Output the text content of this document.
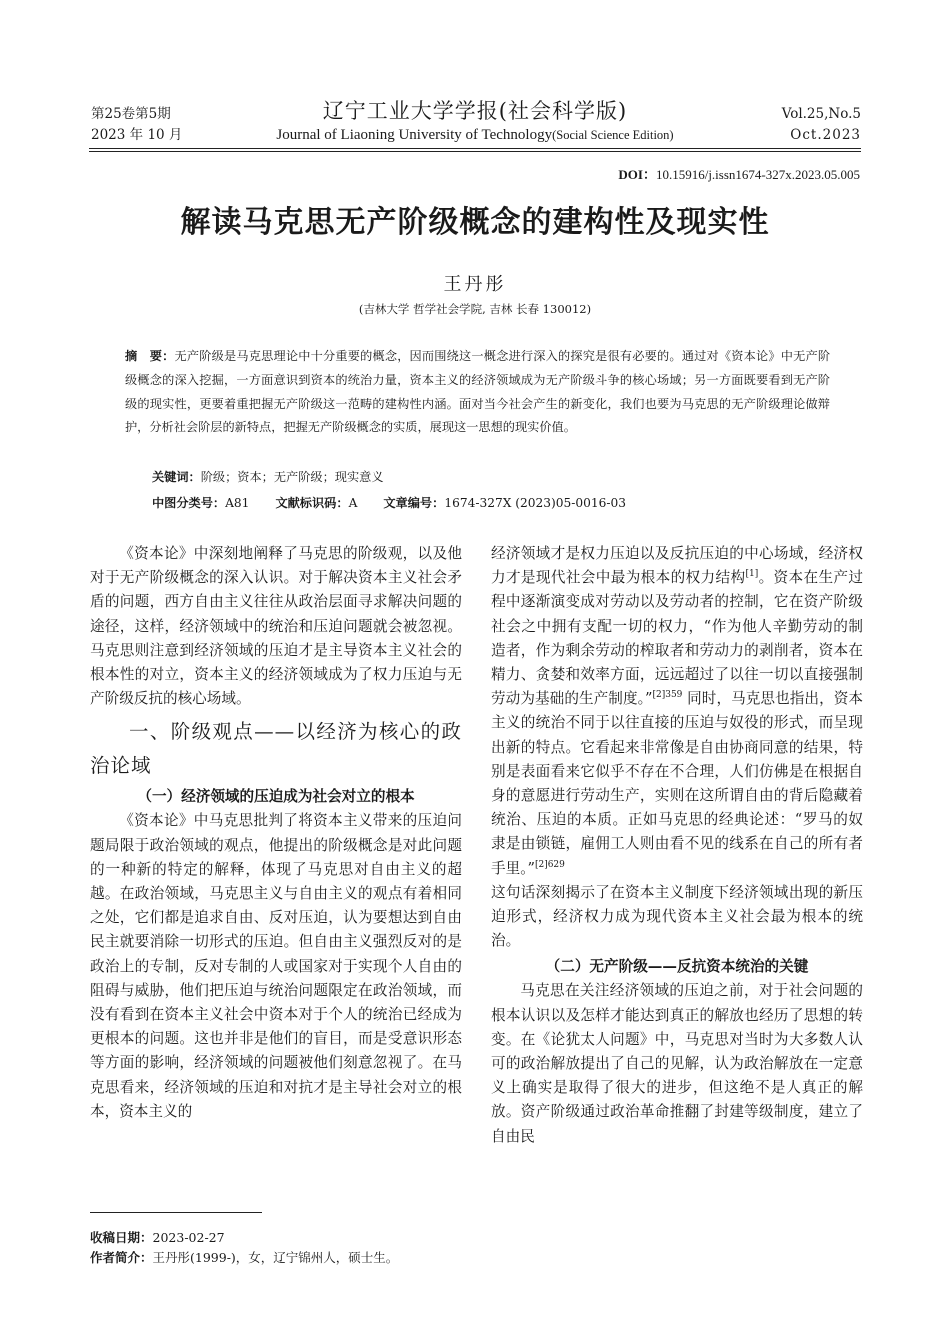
第25卷第5期
2023 年 10 月
辽宁工业大学学报(社会科学版)
Journal of Liaoning University of Technology(Social Science Edition)
Vol.25,No.5
Oct.2023
DOI：10.15916/j.issn1674-327x.2023.05.005
解读马克思无产阶级概念的建构性及现实性
王丹彤
(吉林大学 哲学社会学院, 吉林 长春 130012)
摘　要：无产阶级是马克思理论中十分重要的概念，因而围绕这一概念进行深入的探究是很有必要的。通过对《资本论》中无产阶级概念的深入挖掘，一方面意识到资本的统治力量，资本主义的经济领域成为无产阶级斗争的核心场域；另一方面既要看到无产阶级的现实性，更要着重把握无产阶级这一范畴的建构性内涵。面对当今社会产生的新变化，我们也要为马克思的无产阶级理论做辩护，分析社会阶层的新特点，把握无产阶级概念的实质，展现这一思想的现实价值。
关键词：阶级；资本；无产阶级；现实意义
中图分类号：A81 文献标识码：A 文章编号：1674-327X (2023)05-0016-03

《资本论》中深刻地阐释了马克思的阶级观，以及他对于无产阶级概念的深入认识。对于解决资本主义社会矛盾的问题，西方自由主义往往从政治层面寻求解决问题的途径，这样，经济领域中的统治和压迫问题就会被忽视。马克思则注意到经济领域的压迫才是主导资本主义社会的根本性的对立，资本主义的经济领域成为了权力压迫与无产阶级反抗的核心场域。

一、阶级观点——以经济为核心的政治论域
（一）经济领域的压迫成为社会对立的根本

《资本论》中马克思批判了将资本主义带来的压迫问题局限于政治领域的观点，他提出的阶级概念是对此问题的一种新的特定的解释，体现了马克思对自由主义的超越。在政治领域，马克思主义与自由主义的观点有着相同之处，它们都是追求自由、反对压迫，认为要想达到自由民主就要消除一切形式的压迫。但自由主义强烈反对的是政治上的专制，反对专制的人或国家对于实现个人自由的阻碍与威胁，他们把压迫与统治问题限定在政治领域，而没有看到在资本主义社会中资本对于个人的统治已经成为更根本的问题。这也并非是他们的盲目，而是受意识形态等方面的影响，经济领域的问题被他们刻意忽视了。在马克思看来，经济领域的压迫和对抗才是主导社会对立的根本，资本主义的

经济领域才是权力压迫以及反抗压迫的中心场域，经济权力才是现代社会中最为根本的权力结构[1]。资本在生产过程中逐渐演变成对劳动以及劳动者的控制，它在资产阶级社会之中拥有支配一切的权力，“作为他人辛勤劳动的制造者，作为剩余劳动的榨取者和劳动力的剥削者，资本在精力、贪婪和效率方面，远远超过了以往一切以直接强制劳动为基础的生产制度。”$^{[2]359}$ 同时，马克思也指出，资本主义的统治不同于以往直接的压迫与奴役的形式，而呈现出新的特点。它看起来非常像是自由协商同意的结果，特别是表面看来它似乎不存在不合理，人们仿佛是在根据自身的意愿进行劳动生产，实则在这所谓自由的背后隐藏着统治、压迫的本质。正如马克思的经典论述：“罗马的奴隶是由锁链，雇佣工人则由看不见的线系在自己的所有者手里。”$^{[2]629}$
这句话深刻揭示了在资本主义制度下经济领域出现的新压迫形式，经济权力成为现代资本主义社会最为根本的统治。

（二）无产阶级——反抗资本统治的关键

马克思在关注经济领域的压迫之前，对于社会问题的根本认识以及怎样才能达到真正的解放也经历了思想的转变。在《论犹太人问题》中，马克思对当时为大多数人认可的政治解放提出了自己的见解，认为政治解放在一定意义上确实是取得了很大的进步，但这绝不是人真正的解放。资产阶级通过政治革命推翻了封建等级制度，建立了自由民

收稿日期：2023-02-27
作者简介：王丹彤(1999-)，女，辽宁锦州人，硕士生。
